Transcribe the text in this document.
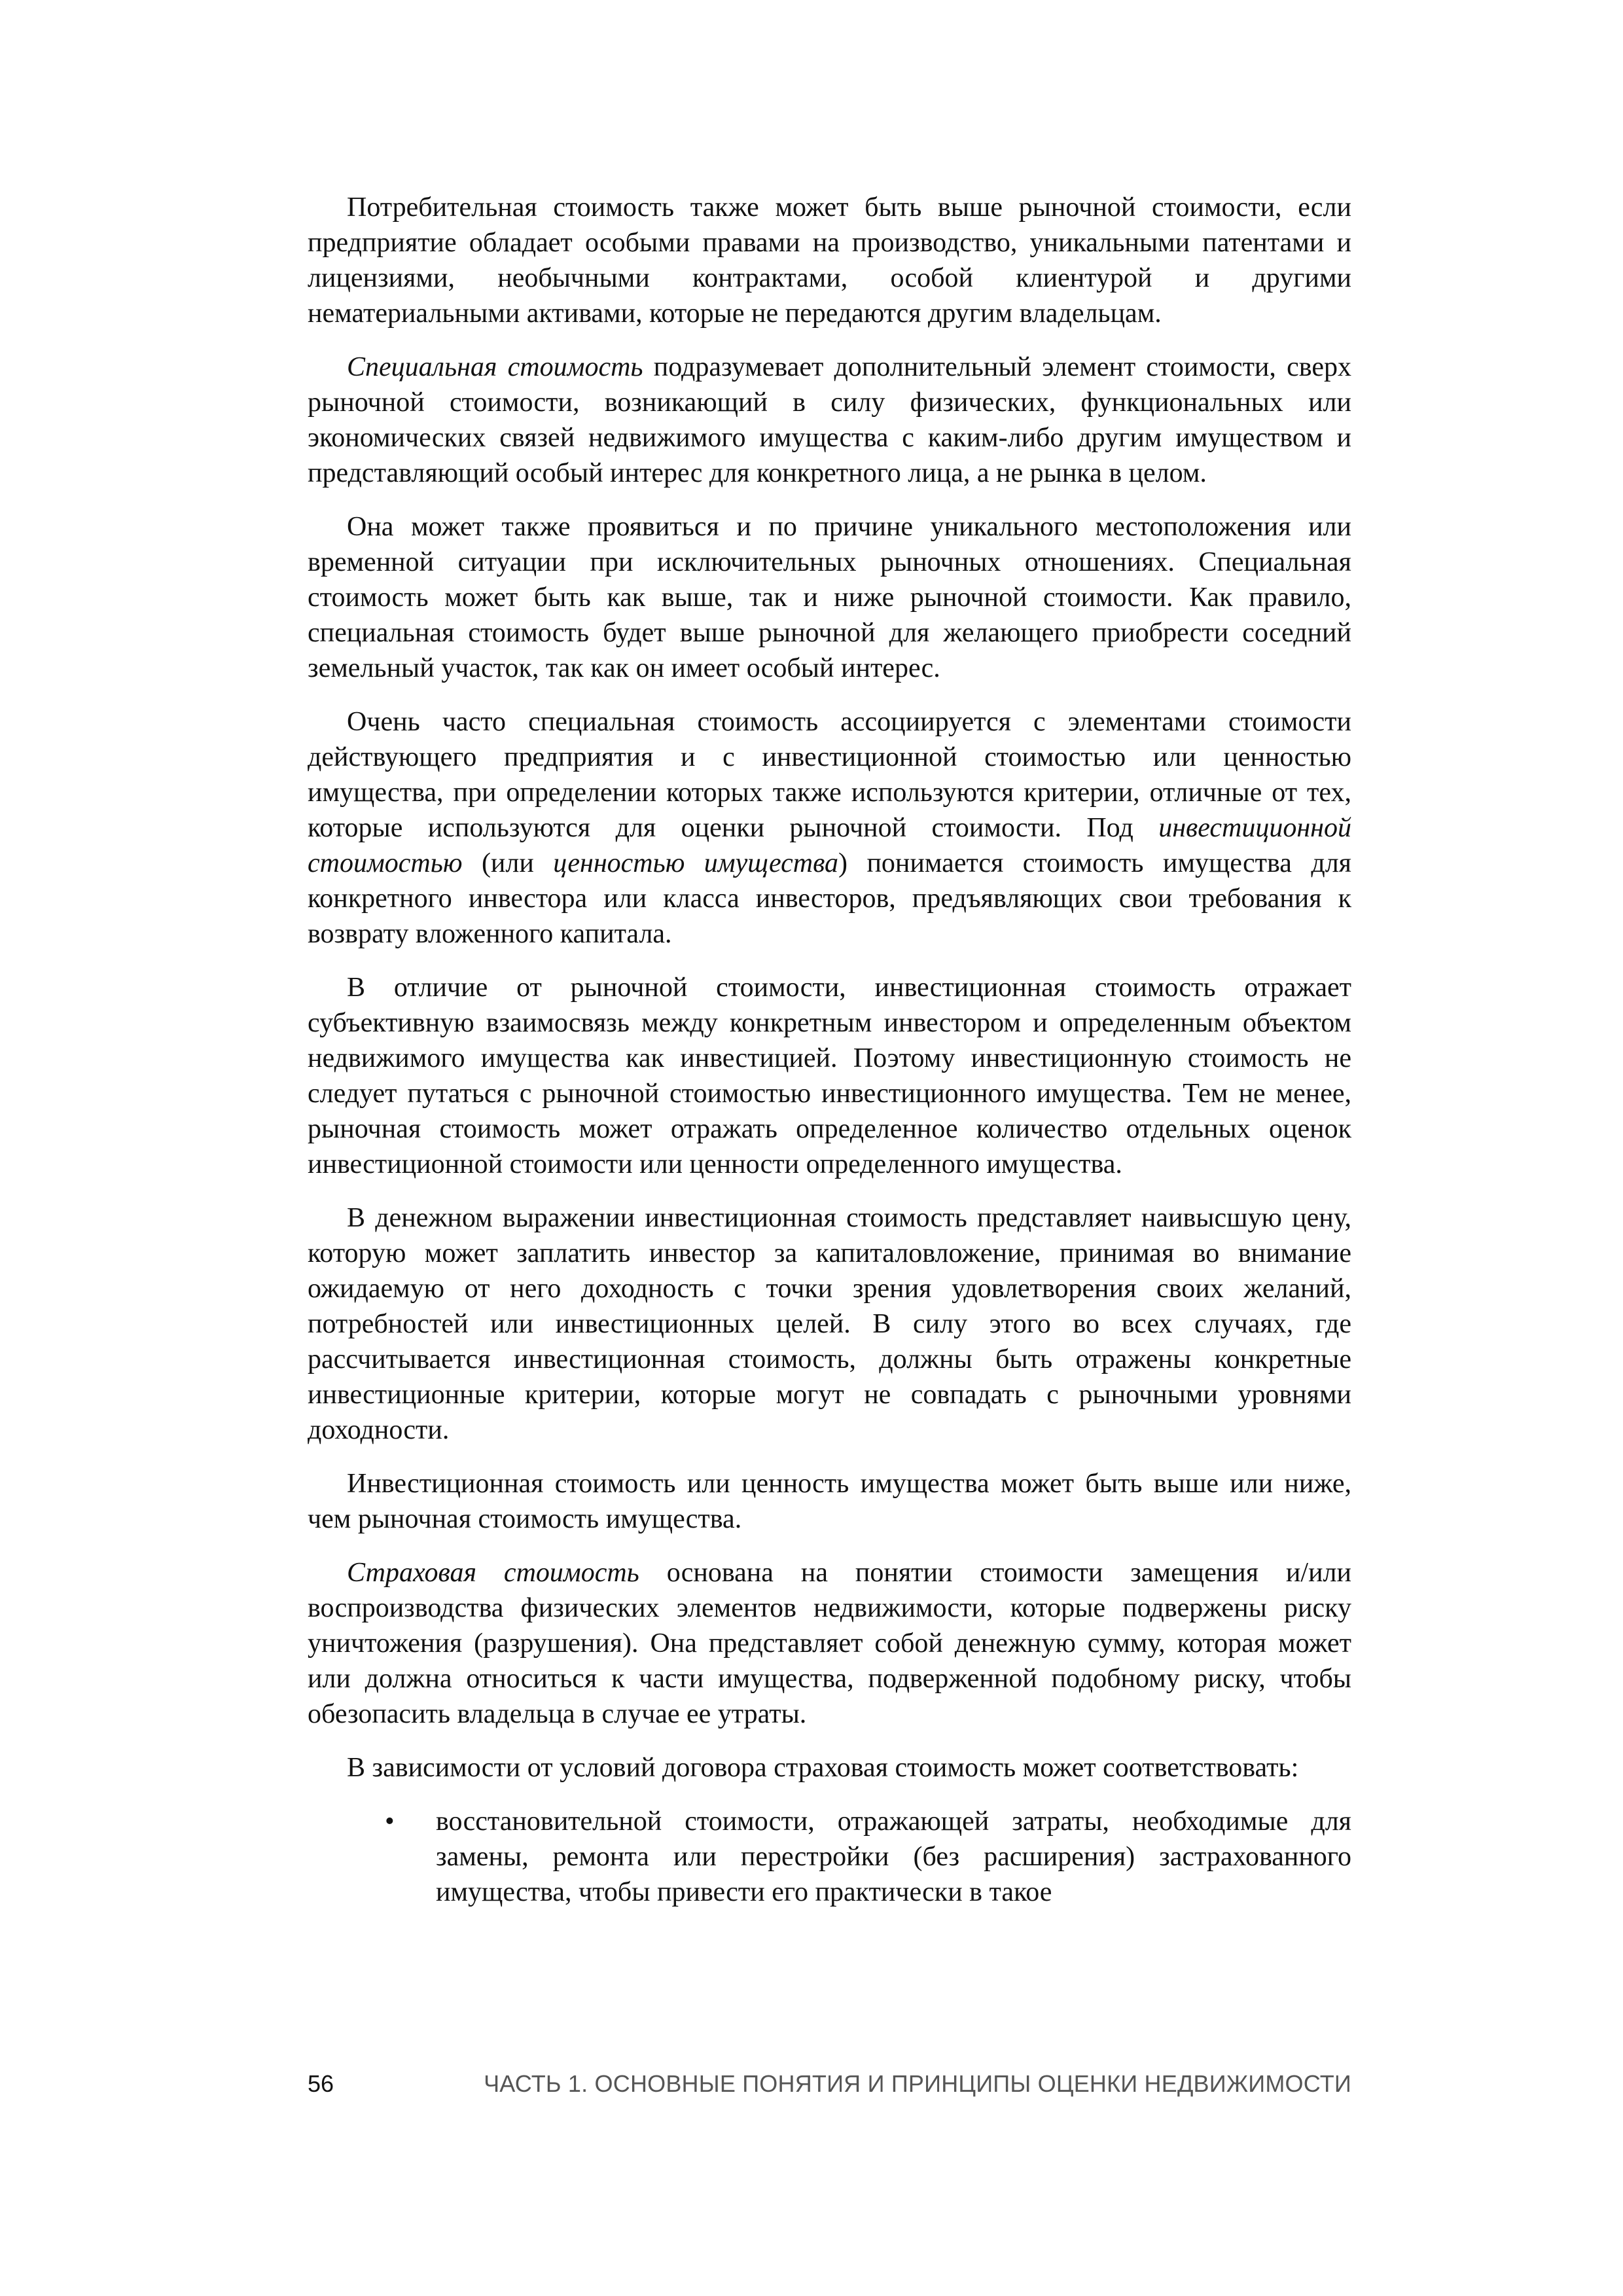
Потребительная стоимость также может быть выше рыночной стоимости, если предприятие обладает особыми правами на производство, уникальными патентами и лицензиями, необычными контрактами, особой клиентурой и другими нематериальными активами, которые не передаются другим владельцам.

Специальная стоимость подразумевает дополнительный элемент стоимости, сверх рыночной стоимости, возникающий в силу физических, функциональных или экономических связей недвижимого имущества с каким-либо другим имуществом и представляющий особый интерес для конкретного лица, а не рынка в целом.

Она может также проявиться и по причине уникального местоположения или временной ситуации при исключительных рыночных отношениях. Специальная стоимость может быть как выше, так и ниже рыночной стоимости. Как правило, специальная стоимость будет выше рыночной для желающего приобрести соседний земельный участок, так как он имеет особый интерес.

Очень часто специальная стоимость ассоциируется с элементами стоимости действующего предприятия и с инвестиционной стоимостью или ценностью имущества, при определении которых также используются критерии, отличные от тех, которые используются для оценки рыночной стоимости. Под инвестиционной стоимостью (или ценностью имущества) понимается стоимость имущества для конкретного инвестора или класса инвесторов, предъявляющих свои требования к возврату вложенного капитала.

В отличие от рыночной стоимости, инвестиционная стоимость отражает субъективную взаимосвязь между конкретным инвестором и определенным объектом недвижимого имущества как инвестицией. Поэтому инвестиционную стоимость не следует путаться с рыночной стоимостью инвестиционного имущества. Тем не менее, рыночная стоимость может отражать определенное количество отдельных оценок инвестиционной стоимости или ценности определенного имущества.

В денежном выражении инвестиционная стоимость представляет наивысшую цену, которую может заплатить инвестор за капиталовложение, принимая во внимание ожидаемую от него доходность с точки зрения удовлетворения своих желаний, потребностей или инвестиционных целей. В силу этого во всех случаях, где рассчитывается инвестиционная стоимость, должны быть отражены конкретные инвестиционные критерии, которые могут не совпадать с рыночными уровнями доходности.

Инвестиционная стоимость или ценность имущества может быть выше или ниже, чем рыночная стоимость имущества.

Страховая стоимость основана на понятии стоимости замещения и/или воспроизводства физических элементов недвижимости, которые подвержены риску уничтожения (разрушения). Она представляет собой денежную сумму, которая может или должна относиться к части имущества, подверженной подобному риску, чтобы обезопасить владельца в случае ее утраты.

В зависимости от условий договора страховая стоимость может соответствовать:

• восстановительной стоимости, отражающей затраты, необходимые для замены, ремонта или перестройки (без расширения) застрахованного имущества, чтобы привести его практически в такое
56	ЧАСТЬ 1. ОСНОВНЫЕ ПОНЯТИЯ И ПРИНЦИПЫ ОЦЕНКИ НЕДВИЖИМОСТИ
